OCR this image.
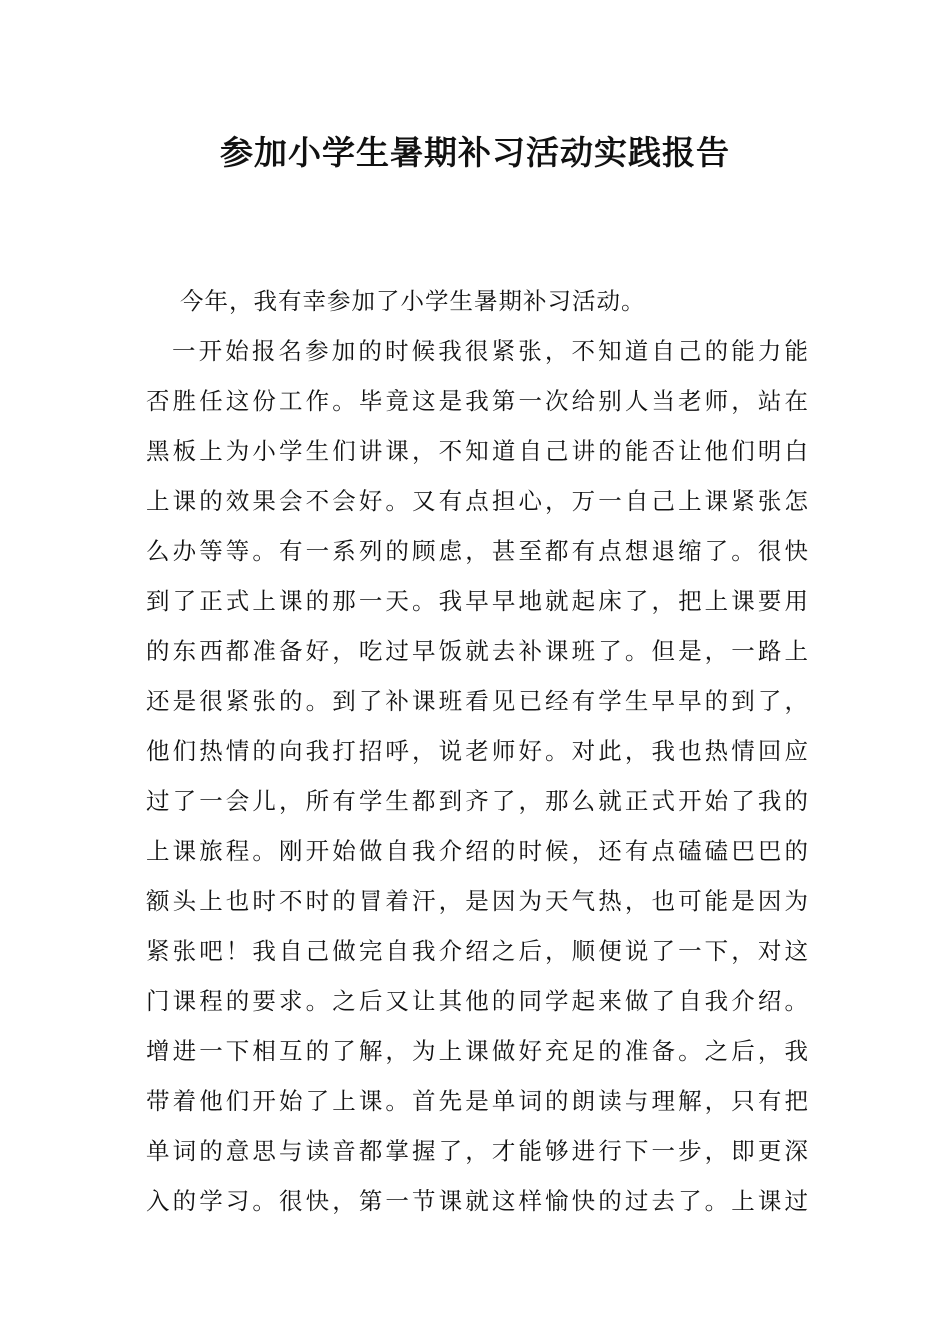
参加小学生暑期补习活动实践报告
今年，我有幸参加了小学生暑期补习活动。
一开始报名参加的时候我很紧张，不知道自己的能力能
否胜任这份工作。毕竟这是我第一次给别人当老师，站在
黑板上为小学生们讲课，不知道自己讲的能否让他们明白
上课的效果会不会好。又有点担心，万一自己上课紧张怎
么办等等。有一系列的顾虑，甚至都有点想退缩了。很快
到了正式上课的那一天。我早早地就起床了，把上课要用
的东西都准备好，吃过早饭就去补课班了。但是，一路上
还是很紧张的。到了补课班看见已经有学生早早的到了，
他们热情的向我打招呼，说老师好。对此，我也热情回应
过了一会儿，所有学生都到齐了，那么就正式开始了我的
上课旅程。刚开始做自我介绍的时候，还有点磕磕巴巴的
额头上也时不时的冒着汗，是因为天气热，也可能是因为
紧张吧！我自己做完自我介绍之后，顺便说了一下，对这
门课程的要求。之后又让其他的同学起来做了自我介绍。
增进一下相互的了解，为上课做好充足的准备。之后，我
带着他们开始了上课。首先是单词的朗读与理解，只有把
单词的意思与读音都掌握了，才能够进行下一步，即更深
入的学习。很快，第一节课就这样愉快的过去了。上课过
